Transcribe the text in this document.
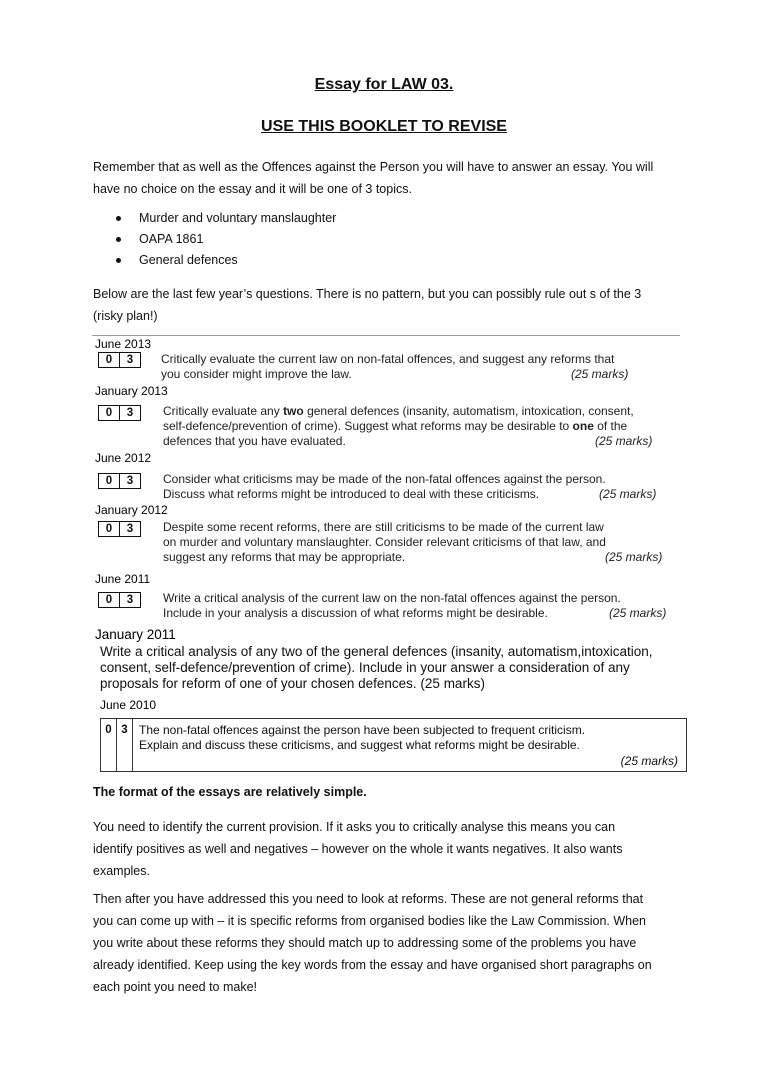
Essay for LAW 03.
USE THIS BOOKLET TO REVISE
Remember that as well as the Offences against the Person you will have to answer an essay. You will
have no choice on the essay and it will be one of 3 topics.
Murder and voluntary manslaughter
OAPA 1861
General defences
Below are the last few year’s questions. There is no pattern, but you can possibly rule out s of the 3
(risky plan!)
June 2013
0	3	Critically evaluate the current law on non-fatal offences, and suggest any reforms that
you consider might improve the law.	(25 marks)
January 2013
0	3	Critically evaluate any two general defences (insanity, automatism, intoxication, consent,
self-defence/prevention of crime). Suggest what reforms may be desirable to one of the
defences that you have evaluated.	(25 marks)
June 2012
0	3	Consider what criticisms may be made of the non-fatal offences against the person.
Discuss what reforms might be introduced to deal with these criticisms.	(25 marks)
January 2012
0	3	Despite some recent reforms, there are still criticisms to be made of the current law
on murder and voluntary manslaughter. Consider relevant criticisms of that law, and
suggest any reforms that may be appropriate.	(25 marks)
June 2011
0	3	Write a critical analysis of the current law on the non-fatal offences against the person.
Include in your analysis a discussion of what reforms might be desirable.	(25 marks)
January 2011
Write a critical analysis of any two of the general defences (insanity, automatism,intoxication,
consent, self-defence/prevention of crime). Include in your answer a consideration of any
proposals for reform of one of your chosen defences. (25 marks)
June 2010
0 3 The non-fatal offences against the person have been subjected to frequent criticism.
Explain and discuss these criticisms, and suggest what reforms might be desirable.
(25 marks)
The format of the essays are relatively simple.
You need to identify the current provision. If it asks you to critically analyse this means you can
identify positives as well and negatives – however on the whole it wants negatives. It also wants
examples.
Then after you have addressed this you need to look at reforms. These are not general reforms that
you can come up with – it is specific reforms from organised bodies like the Law Commission. When
you write about these reforms they should match up to addressing some of the problems you have
already identified. Keep using the key words from the essay and have organised short paragraphs on
each point you need to make!
